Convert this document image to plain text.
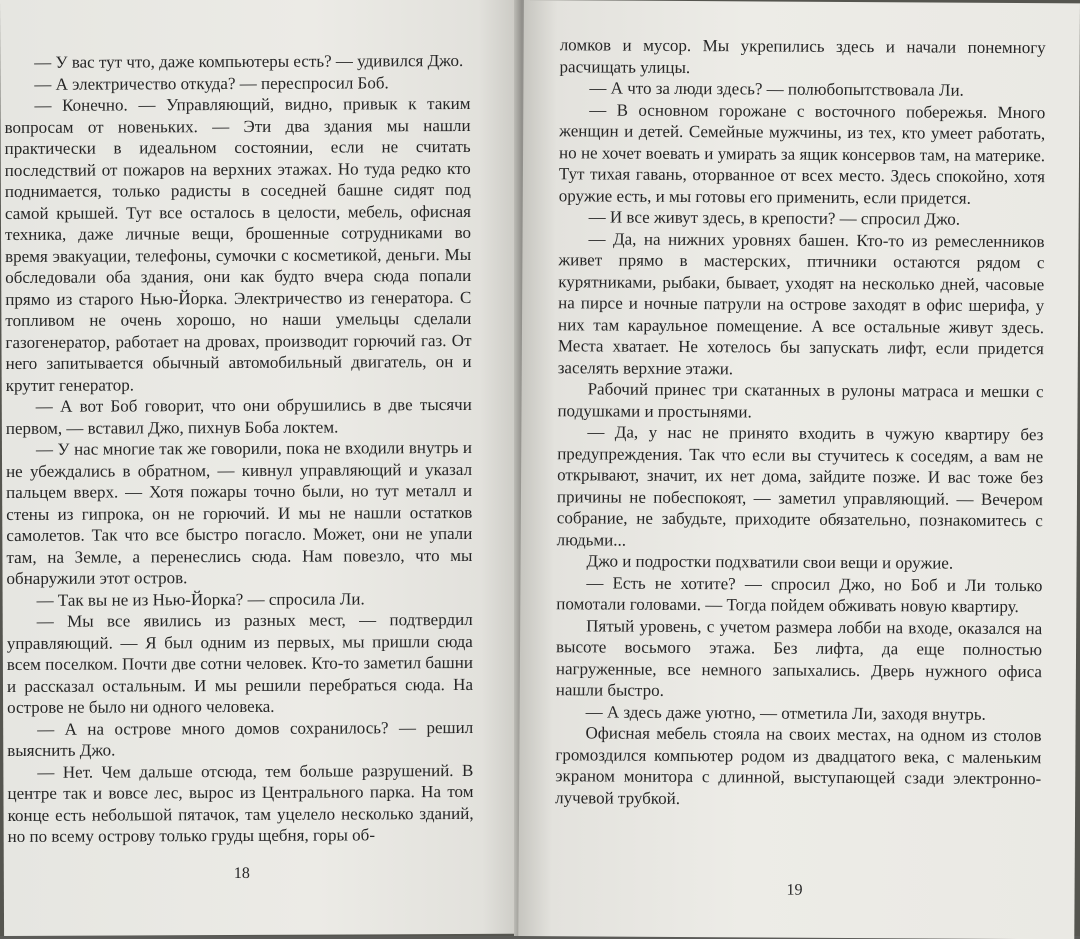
— У вас тут что, даже компьютеры есть? — удивился Джо.

— А электричество откуда? — переспросил Боб.

— Конечно. — Управляющий, видно, привык к таким вопросам от новеньких. — Эти два здания мы нашли практически в идеальном состоянии, если не считать последствий от пожаров на верхних этажах. Но туда редко кто поднимается, только радисты в соседней башне сидят под самой крышей. Тут все осталось в целости, мебель, офисная техника, даже личные вещи, брошенные сотрудниками во время эвакуации, телефоны, сумочки с косметикой, деньги. Мы обследовали оба здания, они как будто вчера сюда попали прямо из старого Нью-Йорка. Электричество из генератора. С топливом не очень хорошо, но наши умельцы сделали газогенератор, работает на дровах, производит горючий газ. От него запитывается обычный автомобильный двигатель, он и крутит генератор.

— А вот Боб говорит, что они обрушились в две тысячи первом, — вставил Джо, пихнув Боба локтем.

— У нас многие так же говорили, пока не входили внутрь и не убеждались в обратном, — кивнул управляющий и указал пальцем вверх. — Хотя пожары точно были, но тут металл и стены из гипрока, он не горючий. И мы не нашли остатков самолетов. Так что все быстро погасло. Может, они не упали там, на Земле, а перенеслись сюда. Нам повезло, что мы обнаружили этот остров.

— Так вы не из Нью-Йорка? — спросила Ли.

— Мы все явились из разных мест, — подтвердил управляющий. — Я был одним из первых, мы пришли сюда всем поселком. Почти две сотни человек. Кто-то заметил башни и рассказал остальным. И мы решили перебраться сюда. На острове не было ни одного человека.

— А на острове много домов сохранилось? — решил выяснить Джо.

— Нет. Чем дальше отсюда, тем больше разрушений. В центре так и вовсе лес, вырос из Центрального парка. На том конце есть небольшой пятачок, там уцелело несколько зданий, но по всему острову только груды щебня, горы об-

18

ломков и мусор. Мы укрепились здесь и начали понемногу расчищать улицы.

— А что за люди здесь? — полюбопытствовала Ли.

— В основном горожане с восточного побережья. Много женщин и детей. Семейные мужчины, из тех, кто умеет работать, но не хочет воевать и умирать за ящик консервов там, на материке. Тут тихая гавань, оторванное от всех место. Здесь спокойно, хотя оружие есть, и мы готовы его применить, если придется.

— И все живут здесь, в крепости? — спросил Джо.

— Да, на нижних уровнях башен. Кто-то из ремесленников живет прямо в мастерских, птичники остаются рядом с курятниками, рыбаки, бывает, уходят на несколько дней, часовые на пирсе и ночные патрули на острове заходят в офис шерифа, у них там караульное помещение. А все остальные живут здесь. Места хватает. Не хотелось бы запускать лифт, если придется заселять верхние этажи.

Рабочий принес три скатанных в рулоны матраса и мешки с подушками и простынями.

— Да, у нас не принято входить в чужую квартиру без предупреждения. Так что если вы стучитесь к соседям, а вам не открывают, значит, их нет дома, зайдите позже. И вас тоже без причины не побеспокоят, — заметил управляющий. — Вечером собрание, не забудьте, приходите обязательно, познакомитесь с людьми...

Джо и подростки подхватили свои вещи и оружие.

— Есть не хотите? — спросил Джо, но Боб и Ли только помотали головами. — Тогда пойдем обживать новую квартиру.

Пятый уровень, с учетом размера лобби на входе, оказался на высоте восьмого этажа. Без лифта, да еще полностью нагруженные, все немного запыхались. Дверь нужного офиса нашли быстро.

— А здесь даже уютно, — отметила Ли, заходя внутрь.

Офисная мебель стояла на своих местах, на одном из столов громоздился компьютер родом из двадцатого века, с маленьким экраном монитора с длинной, выступающей сзади электронно-лучевой трубкой.

19
